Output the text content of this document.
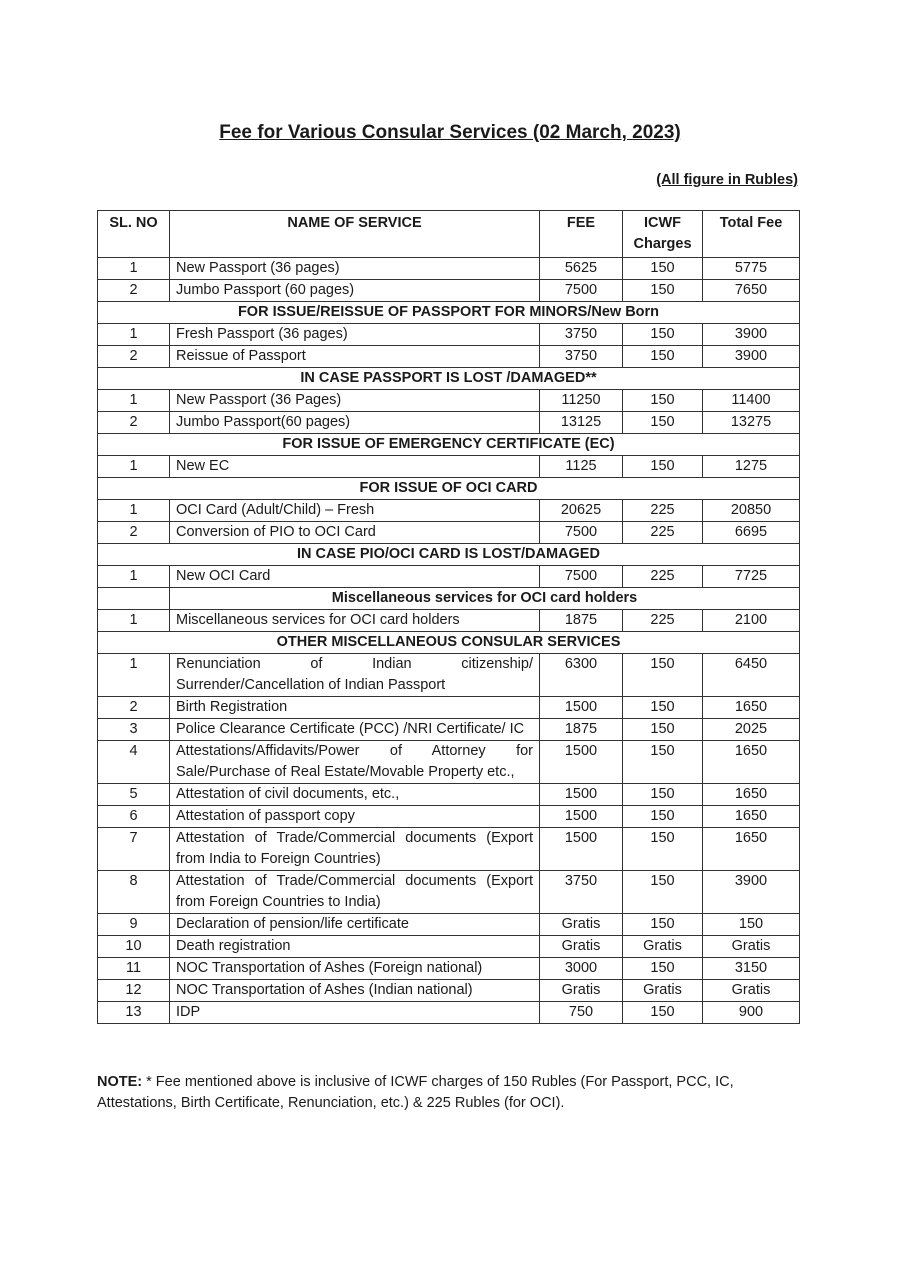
Fee for Various Consular Services (02 March, 2023)
(All figure in Rubles)
SL. NO	NAME OF SERVICE	FEE	ICWF Charges	Total Fee
1	New Passport (36 pages)	5625	150	5775
2	Jumbo Passport (60 pages)	7500	150	7650
FOR ISSUE/REISSUE OF PASSPORT FOR MINORS/New Born				
1	Fresh Passport (36 pages)	3750	150	3900
2	Reissue of Passport	3750	150	3900
IN CASE PASSPORT IS LOST /DAMAGED**				
1	New Passport (36 Pages)	11250	150	11400
2	Jumbo Passport(60 pages)	13125	150	13275
FOR ISSUE OF EMERGENCY CERTIFICATE (EC)				
1	New EC	1125	150	1275
FOR ISSUE OF OCI CARD				
1	OCI Card (Adult/Child) – Fresh	20625	225	20850
2	Conversion of PIO to OCI Card	7500	225	6695
IN CASE PIO/OCI CARD IS LOST/DAMAGED				
1	New OCI Card	7500	225	7725
	Miscellaneous services for OCI card holders			
1	Miscellaneous services for OCI card holders	1875	225	2100
OTHER MISCELLANEOUS CONSULAR SERVICES				
1	Renunciation of Indian citizenship/ Surrender/Cancellation of Indian Passport	6300	150	6450
2	Birth Registration	1500	150	1650
3	Police Clearance Certificate (PCC) /NRI Certificate/ IC	1875	150	2025
4	Attestations/Affidavits/Power of Attorney for Sale/Purchase of Real Estate/Movable Property etc.,	1500	150	1650
5	Attestation of civil documents, etc.,	1500	150	1650
6	Attestation of passport copy	1500	150	1650
7	Attestation of Trade/Commercial documents (Export from India to Foreign Countries)	1500	150	1650
8	Attestation of Trade/Commercial documents (Export from Foreign Countries to India)	3750	150	3900
9	Declaration of pension/life certificate	Gratis	150	150
10	Death registration	Gratis	Gratis	Gratis
11	NOC Transportation of Ashes (Foreign national)	3000	150	3150
12	NOC Transportation of Ashes (Indian national)	Gratis	Gratis	Gratis
13	IDP	750	150	900
NOTE: * Fee mentioned above is inclusive of ICWF charges of 150 Rubles (For Passport, PCC, IC, Attestations, Birth Certificate, Renunciation, etc.) & 225 Rubles (for OCI).
